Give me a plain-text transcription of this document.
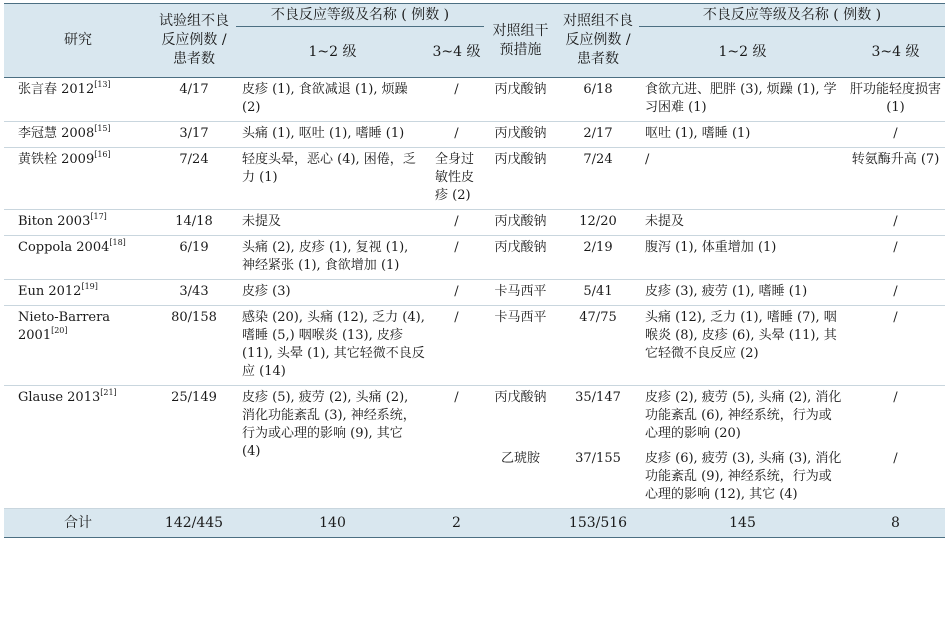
研究	试验组不良反应例数 / 患者数	不良反应等级及名称 ( 例数 )		对照组干预措施	对照组不良反应例数 / 患者数	不良反应等级及名称 ( 例数 )	
		1~2 级	3~4 级			1~2 级	3~4 级
张言春 2012[13]	4/17	皮疹 (1), 食欲减退 (1), 烦躁 (2)	/	丙戊酸钠	6/18	食欲亢进、肥胖 (3), 烦躁 (1), 学习困难 (1)	肝功能轻度损害 (1)
李冠慧 2008[15]	3/17	头痛 (1), 呕吐 (1), 嗜睡 (1)	/	丙戊酸钠	2/17	呕吐 (1), 嗜睡 (1)	/
黄铁栓 2009[16]	7/24	轻度头晕，恶心 (4), 困倦，乏力 (1)	全身过敏性皮疹 (2)	丙戊酸钠	7/24	/	转氨酶升高 (7)
Biton 2003[17]	14/18	未提及	/	丙戊酸钠	12/20	未提及	/
Coppola 2004[18]	6/19	头痛 (2), 皮疹 (1), 复视 (1), 神经紧张 (1), 食欲增加 (1)	/	丙戊酸钠	2/19	腹泻 (1), 体重增加 (1)	/
Eun 2012[19]	3/43	皮疹 (3)	/	卡马西平	5/41	皮疹 (3), 疲劳 (1), 嗜睡 (1)	/
Nieto-Barrera 2001[20]	80/158	感染 (20), 头痛 (12), 乏力 (4), 嗜睡 (5,) 咽喉炎 (13), 皮疹 (11), 头晕 (1), 其它轻微不良反应 (14)	/	卡马西平	47/75	头痛 (12), 乏力 (1), 嗜睡 (7), 咽喉炎 (8), 皮疹 (6), 头晕 (11), 其它轻微不良反应 (2)	/
Glause 2013[21]	25/149	皮疹 (5), 疲劳 (2), 头痛 (2), 消化功能紊乱 (3), 神经系统，行为或心理的影响 (9), 其它 (4)	/	丙戊酸钠	35/147	皮疹 (2), 疲劳 (5), 头痛 (2), 消化功能紊乱 (6), 神经系统，行为或心理的影响 (20)	/
				乙琥胺	37/155	皮疹 (6), 疲劳 (3), 头痛 (3), 消化功能紊乱 (9), 神经系统，行为或心理的影响 (12), 其它 (4)	/
合计	142/445	140	2		153/516	145	8
